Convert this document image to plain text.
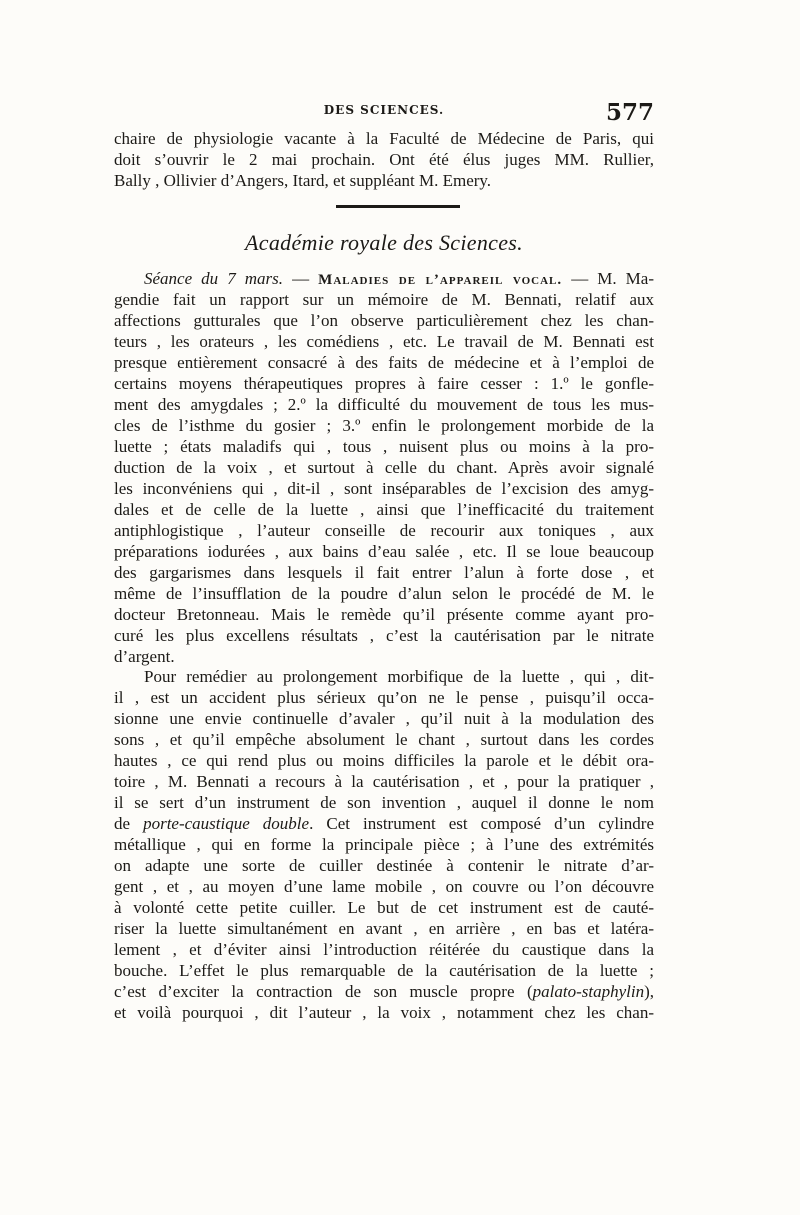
DES SCIENCES.	577
chaire de physiologie vacante à la Faculté de Médecine de Paris, qui
doit s’ouvrir le 2 mai prochain. Ont été élus juges MM. Rullier,
Bally , Ollivier d’Angers, Itard, et suppléant M. Emery.
Académie royale des Sciences.
Séance du 7 mars. — Maladies de l’appareil vocal. — M. Ma-
gendie fait un rapport sur un mémoire de M. Bennati, relatif aux
affections gutturales que l’on observe particulièrement chez les chan-
teurs , les orateurs , les comédiens , etc. Le travail de M. Bennati est
presque entièrement consacré à des faits de médecine et à l’emploi de
certains moyens thérapeutiques propres à faire cesser : 1.º le gonfle-
ment des amygdales ; 2.º la difficulté du mouvement de tous les mus-
cles de l’isthme du gosier ; 3.º enfin le prolongement morbide de la
luette ; états maladifs qui , tous , nuisent plus ou moins à la pro-
duction de la voix , et surtout à celle du chant. Après avoir signalé
les inconvéniens qui , dit-il , sont inséparables de l’excision des amyg-
dales et de celle de la luette , ainsi que l’inefficacité du traitement
antiphlogistique , l’auteur conseille de recourir aux toniques , aux
préparations iodurées , aux bains d’eau salée , etc. Il se loue beaucoup
des gargarismes dans lesquels il fait entrer l’alun à forte dose , et
même de l’insufflation de la poudre d’alun selon le procédé de M. le
docteur Bretonneau. Mais le remède qu’il présente comme ayant pro-
curé les plus excellens résultats , c’est la cautérisation par le nitrate
d’argent.
Pour remédier au prolongement morbifique de la luette , qui , dit-
il , est un accident plus sérieux qu’on ne le pense , puisqu’il occa-
sionne une envie continuelle d’avaler , qu’il nuit à la modulation des
sons , et qu’il empêche absolument le chant , surtout dans les cordes
hautes , ce qui rend plus ou moins difficiles la parole et le débit ora-
toire , M. Bennati a recours à la cautérisation , et , pour la pratiquer ,
il se sert d’un instrument de son invention , auquel il donne le nom
de porte-caustique double. Cet instrument est composé d’un cylindre
métallique , qui en forme la principale pièce ; à l’une des extrémités
on adapte une sorte de cuiller destinée à contenir le nitrate d’ar-
gent , et , au moyen d’une lame mobile , on couvre ou l’on découvre
à volonté cette petite cuiller. Le but de cet instrument est de cauté-
riser la luette simultanément en avant , en arrière , en bas et latéra-
lement , et d’éviter ainsi l’introduction réitérée du caustique dans la
bouche. L’effet le plus remarquable de la cautérisation de la luette ;
c’est d’exciter la contraction de son muscle propre (palato-staphylin),
et voilà pourquoi , dit l’auteur , la voix , notamment chez les chan-
